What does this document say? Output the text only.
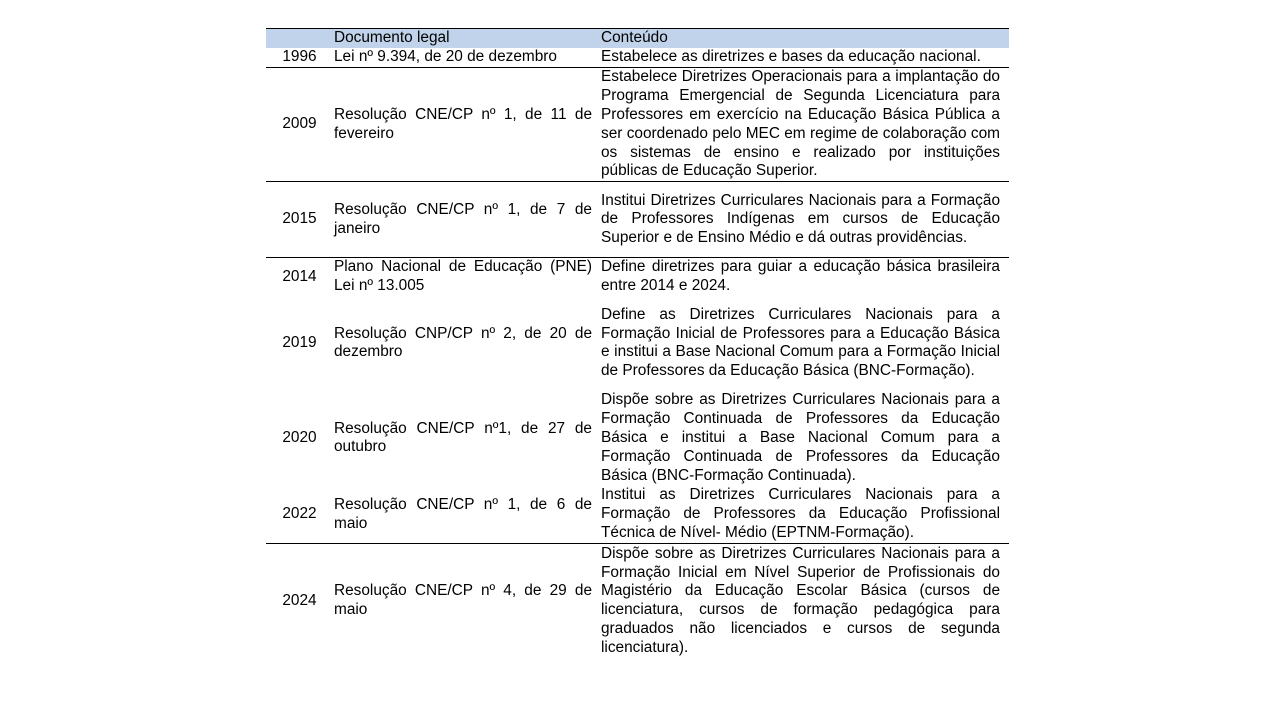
	Documento legal	Conteúdo
1996	Lei nº 9.394, de 20 de dezembro	Estabelece as diretrizes e bases da educação nacional.
2009	Resolução CNE/CP nº 1, de 11 de fevereiro	Estabelece Diretrizes Operacionais para a implantação do Programa Emergencial de Segunda Licenciatura para Professores em exercício na Educação Básica Pública a ser coordenado pelo MEC em regime de colaboração com os sistemas de ensino e realizado por instituições públicas de Educação Superior.
2015	Resolução CNE/CP nº 1, de 7 de janeiro	Institui Diretrizes Curriculares Nacionais para a Formação de Professores Indígenas em cursos de Educação Superior e de Ensino Médio e dá outras providências.
2014	Plano Nacional de Educação (PNE) Lei nº 13.005	Define diretrizes para guiar a educação básica brasileira entre 2014 e 2024.
2019	Resolução CNP/CP nº 2, de 20 de dezembro	Define as Diretrizes Curriculares Nacionais para a Formação Inicial de Professores para a Educação Básica e institui a Base Nacional Comum para a Formação Inicial de Professores da Educação Básica (BNC-Formação).
2020	Resolução CNE/CP nº1, de 27 de outubro	Dispõe sobre as Diretrizes Curriculares Nacionais para a Formação Continuada de Professores da Educação Básica e institui a Base Nacional Comum para a Formação Continuada de Professores da Educação Básica (BNC-Formação Continuada).
2022	Resolução CNE/CP nº 1, de 6 de maio	Institui as Diretrizes Curriculares Nacionais para a Formação de Professores da Educação Profissional Técnica de Nível- Médio (EPTNM-Formação).
2024	Resolução CNE/CP nº 4, de 29 de maio	Dispõe sobre as Diretrizes Curriculares Nacionais para a Formação Inicial em Nível Superior de Profissionais do Magistério da Educação Escolar Básica (cursos de licenciatura, cursos de formação pedagógica para graduados não licenciados e cursos de segunda licenciatura).
